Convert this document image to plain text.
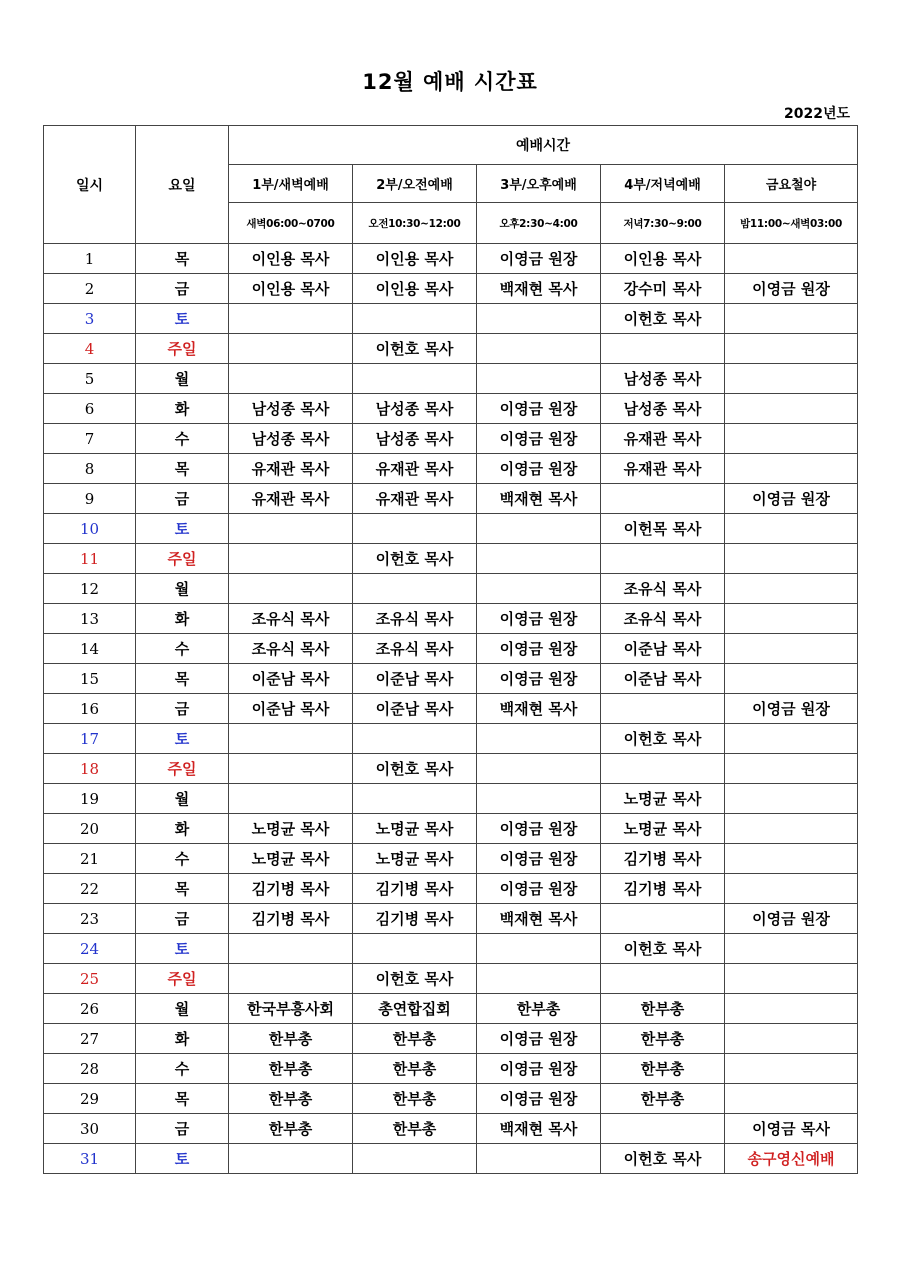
12월 예배 시간표
2022년도
일시	요일	예배시간				
		1부/새벽예배	2부/오전예배	3부/오후예배	4부/저녁예배	금요철야
		새벽06:00~0700	오전10:30~12:00	오후2:30~4:00	저녁7:30~9:00	밤11:00~새벽03:00
1	목	이인용 목사	이인용 목사	이영금 원장	이인용 목사	
2	금	이인용 목사	이인용 목사	백재현 목사	강수미 목사	이영금 원장
3	토				이헌호 목사	
4	주일		이헌호 목사			
5	월				남성종 목사	
6	화	남성종 목사	남성종 목사	이영금 원장	남성종 목사	
7	수	남성종 목사	남성종 목사	이영금 원장	유재관 목사	
8	목	유재관 목사	유재관 목사	이영금 원장	유재관 목사	
9	금	유재관 목사	유재관 목사	백재현 목사		이영금 원장
10	토				이헌목 목사	
11	주일		이헌호 목사			
12	월				조유식 목사	
13	화	조유식 목사	조유식 목사	이영금 원장	조유식 목사	
14	수	조유식 목사	조유식 목사	이영금 원장	이준남 목사	
15	목	이준남 목사	이준남 목사	이영금 원장	이준남 목사	
16	금	이준남 목사	이준남 목사	백재현 목사		이영금 원장
17	토				이헌호 목사	
18	주일		이헌호 목사			
19	월				노명균 목사	
20	화	노명균 목사	노명균 목사	이영금 원장	노명균 목사	
21	수	노명균 목사	노명균 목사	이영금 원장	김기병 목사	
22	목	김기병 목사	김기병 목사	이영금 원장	김기병 목사	
23	금	김기병 목사	김기병 목사	백재현 목사		이영금 원장
24	토				이헌호 목사	
25	주일		이헌호 목사			
26	월	한국부흥사회	총연합집회	한부총	한부총	
27	화	한부총	한부총	이영금 원장	한부총	
28	수	한부총	한부총	이영금 원장	한부총	
29	목	한부총	한부총	이영금 원장	한부총	
30	금	한부총	한부총	백재현 목사		이영금 목사
31	토				이헌호 목사	송구영신예배
